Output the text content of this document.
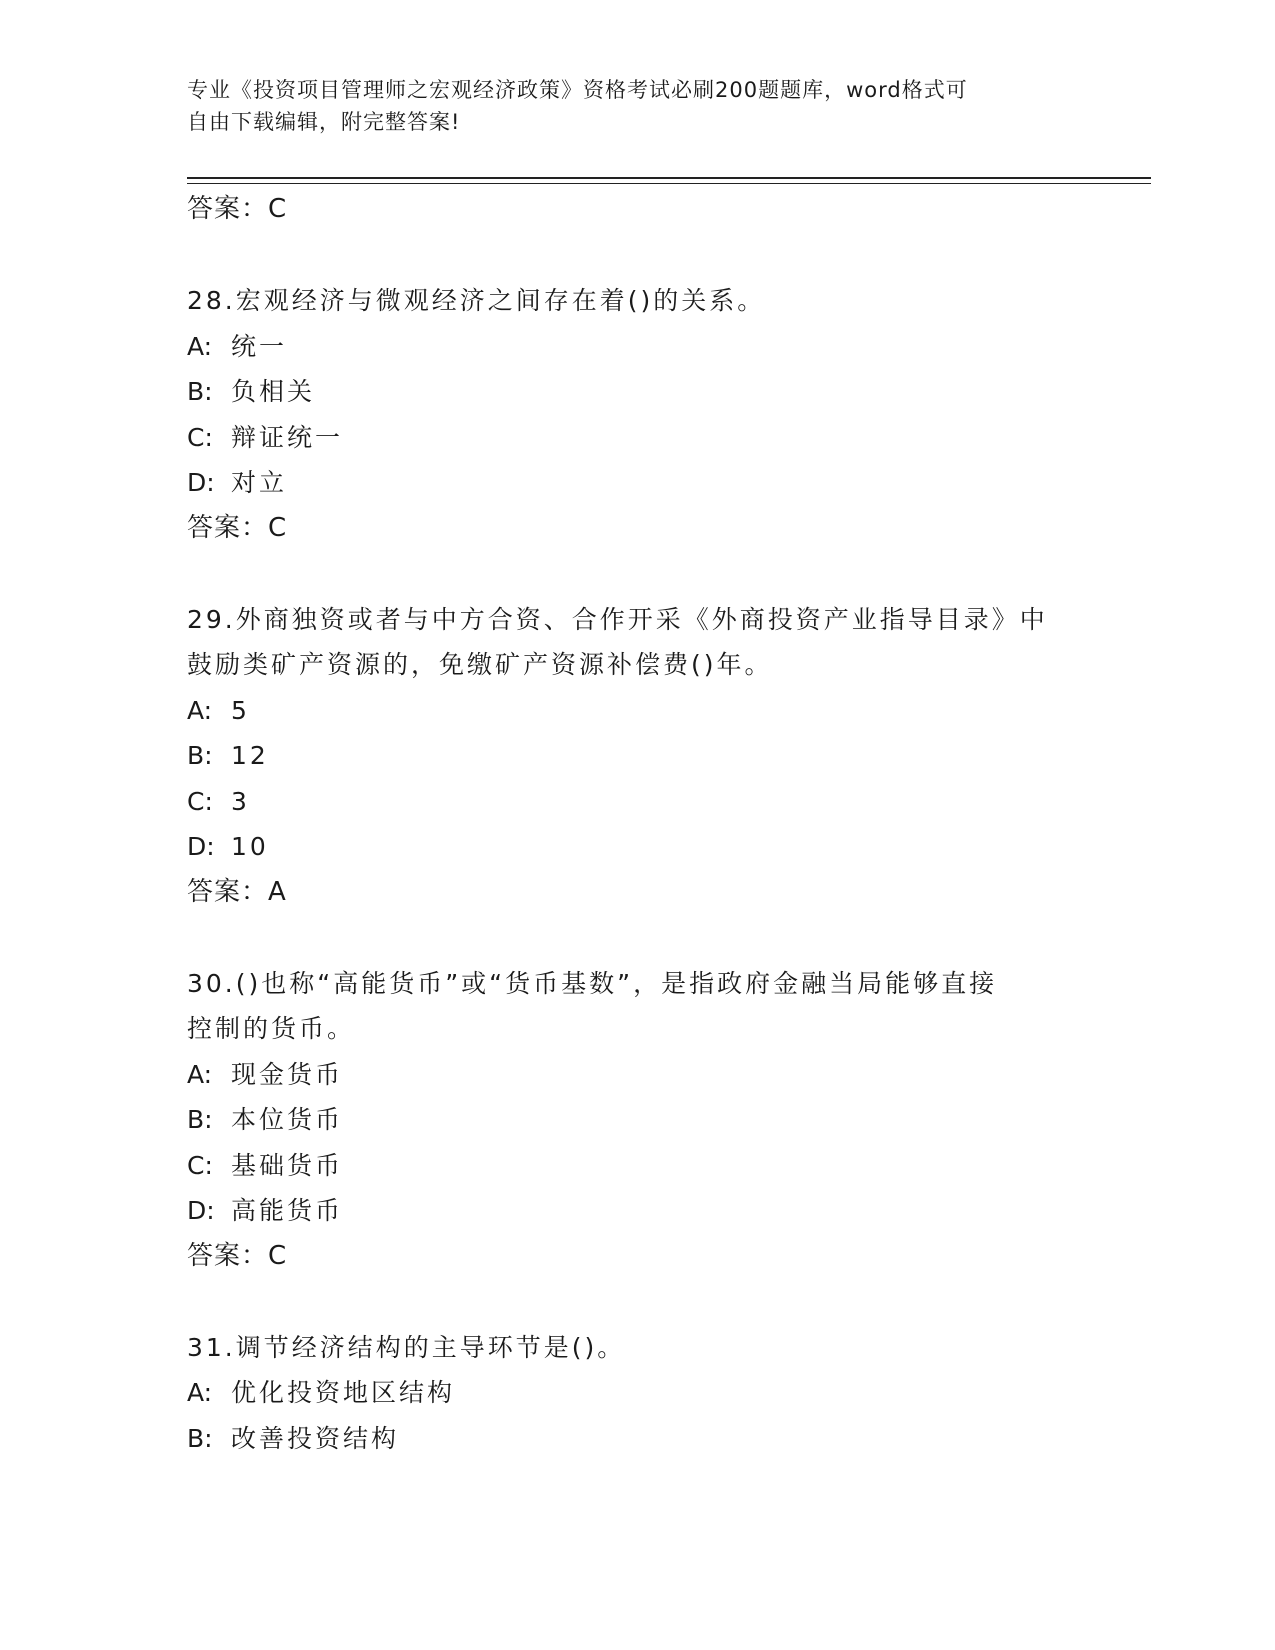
专业《投资项目管理师之宏观经济政策》资格考试必刷200题题库，word格式可
自由下载编辑，附完整答案!
答案：C
28.宏观经济与微观经济之间存在着()的关系。
A: 统一
B: 负相关
C: 辩证统一
D: 对立
答案：C
29.外商独资或者与中方合资、合作开采《外商投资产业指导目录》中
鼓励类矿产资源的，免缴矿产资源补偿费()年。
A: 5
B: 12
C: 3
D: 10
答案：A
30.()也称“高能货币”或“货币基数”，是指政府金融当局能够直接
控制的货币。
A: 现金货币
B: 本位货币
C: 基础货币
D: 高能货币
答案：C
31.调节经济结构的主导环节是()。
A: 优化投资地区结构
B: 改善投资结构
